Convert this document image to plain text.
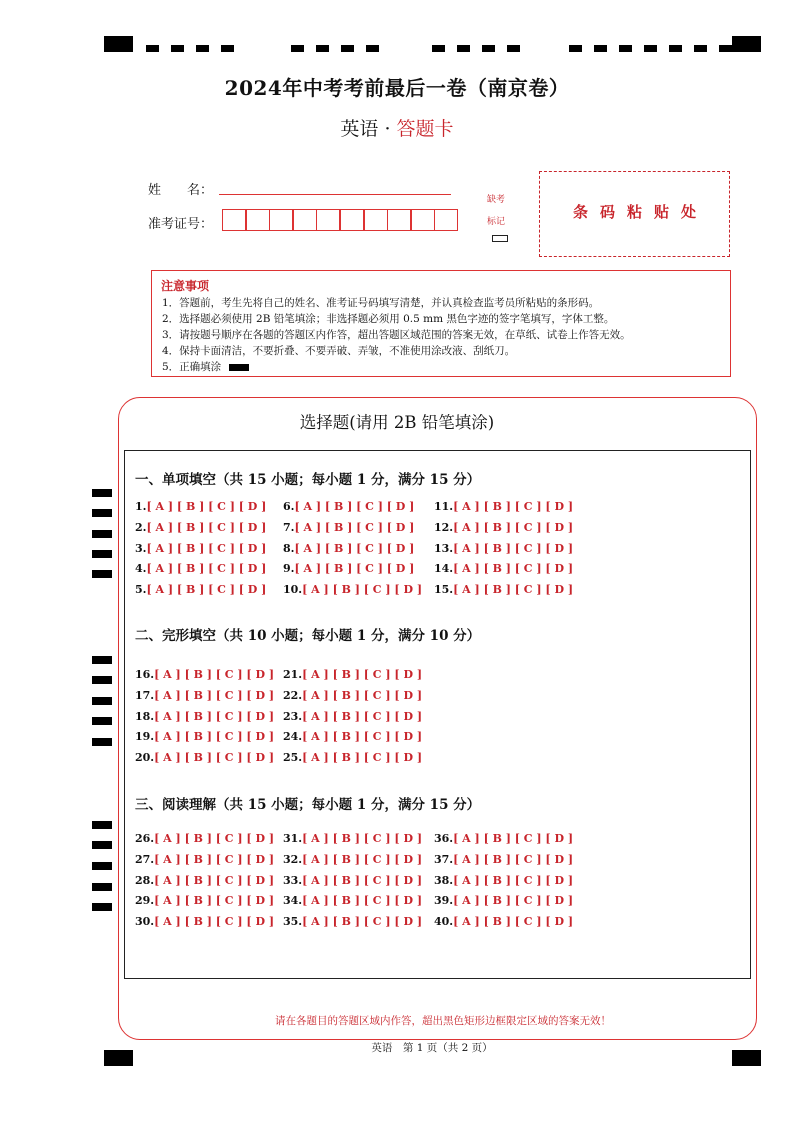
2024年中考考前最后一卷（南京卷）
英语 · 答题卡
姓　　名：
准考证号：
缺考
标记
条码粘贴处
注意事项
1．答题前，考生先将自己的姓名、准考证号码填写清楚，并认真检查监考员所粘贴的条形码。
2．选择题必须使用 2B 铅笔填涂；非选择题必须用 0.5 mm 黑色字迹的签字笔填写，字体工整。
3．请按题号顺序在各题的答题区内作答，超出答题区域范围的答案无效，在草纸、试卷上作答无效。
4．保持卡面清洁，不要折叠、不要弄破、弄皱，不准使用涂改液、刮纸刀。
5．正确填涂
选择题(请用 2B 铅笔填涂)
一、单项填空（共 15 小题；每小题 1 分，满分 15 分）
二、完形填空（共 10 小题；每小题 1 分，满分 10 分）
三、阅读理解（共 15 小题；每小题 1 分，满分 15 分）
1.[ A ] [ B ] [ C ] [ D ]
2.[ A ] [ B ] [ C ] [ D ]
3.[ A ] [ B ] [ C ] [ D ]
4.[ A ] [ B ] [ C ] [ D ]
5.[ A ] [ B ] [ C ] [ D ]
6.[ A ] [ B ] [ C ] [ D ]
7.[ A ] [ B ] [ C ] [ D ]
8.[ A ] [ B ] [ C ] [ D ]
9.[ A ] [ B ] [ C ] [ D ]
10.[ A ] [ B ] [ C ] [ D ]
11.[ A ] [ B ] [ C ] [ D ]
12.[ A ] [ B ] [ C ] [ D ]
13.[ A ] [ B ] [ C ] [ D ]
14.[ A ] [ B ] [ C ] [ D ]
15.[ A ] [ B ] [ C ] [ D ]
16.[ A ] [ B ] [ C ] [ D ]
17.[ A ] [ B ] [ C ] [ D ]
18.[ A ] [ B ] [ C ] [ D ]
19.[ A ] [ B ] [ C ] [ D ]
20.[ A ] [ B ] [ C ] [ D ]
21.[ A ] [ B ] [ C ] [ D ]
22.[ A ] [ B ] [ C ] [ D ]
23.[ A ] [ B ] [ C ] [ D ]
24.[ A ] [ B ] [ C ] [ D ]
25.[ A ] [ B ] [ C ] [ D ]
26.[ A ] [ B ] [ C ] [ D ]
27.[ A ] [ B ] [ C ] [ D ]
28.[ A ] [ B ] [ C ] [ D ]
29.[ A ] [ B ] [ C ] [ D ]
30.[ A ] [ B ] [ C ] [ D ]
31.[ A ] [ B ] [ C ] [ D ]
32.[ A ] [ B ] [ C ] [ D ]
33.[ A ] [ B ] [ C ] [ D ]
34.[ A ] [ B ] [ C ] [ D ]
35.[ A ] [ B ] [ C ] [ D ]
36.[ A ] [ B ] [ C ] [ D ]
37.[ A ] [ B ] [ C ] [ D ]
38.[ A ] [ B ] [ C ] [ D ]
39.[ A ] [ B ] [ C ] [ D ]
40.[ A ] [ B ] [ C ] [ D ]
请在各题目的答题区域内作答，超出黑色矩形边框限定区域的答案无效！
英语　第 1 页（共 2 页）
